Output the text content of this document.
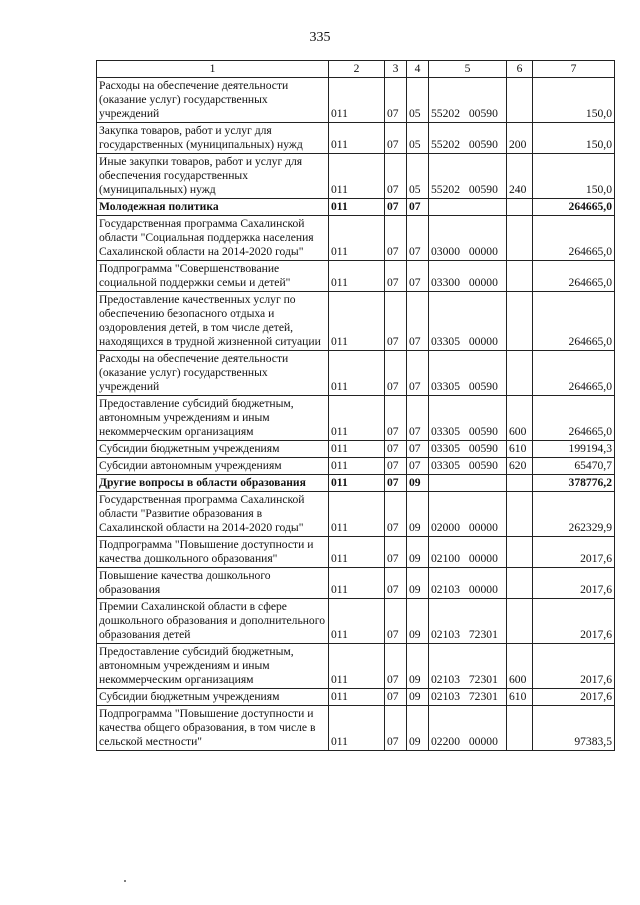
335
1	2	3	4	5	6	7
Расходы на обеспечение деятельности (оказание услуг) государственных учреждений	011	07	05	55202 00590		150,0
Закупка товаров, работ и услуг для государственных (муниципальных) нужд	011	07	05	55202 00590	200	150,0
Иные закупки товаров, работ и услуг для обеспечения государственных (муниципальных) нужд	011	07	05	55202 00590	240	150,0
Молодежная политика	011	07	07			264665,0
Государственная программа Сахалинской области "Социальная поддержка населения Сахалинской области на 2014-2020 годы"	011	07	07	03000 00000		264665,0
Подпрограмма "Совершенствование социальной поддержки семьи и детей"	011	07	07	03300 00000		264665,0
Предоставление качественных услуг по обеспечению безопасного отдыха и оздоровления детей, в том числе детей, находящихся в трудной жизненной ситуации	011	07	07	03305 00000		264665,0
Расходы на обеспечение деятельности (оказание услуг) государственных учреждений	011	07	07	03305 00590		264665,0
Предоставление субсидий бюджетным, автономным учреждениям и иным некоммерческим организациям	011	07	07	03305 00590	600	264665,0
Субсидии бюджетным учреждениям	011	07	07	03305 00590	610	199194,3
Субсидии автономным учреждениям	011	07	07	03305 00590	620	65470,7
Другие вопросы в области образования	011	07	09			378776,2
Государственная программа Сахалинской области "Развитие образования в Сахалинской области на 2014-2020 годы"	011	07	09	02000 00000		262329,9
Подпрограмма "Повышение доступности и качества дошкольного образования"	011	07	09	02100 00000		2017,6
Повышение качества дошкольного образования	011	07	09	02103 00000		2017,6
Премии Сахалинской области в сфере дошкольного образования и дополнительного образования детей	011	07	09	02103 72301		2017,6
Предоставление субсидий бюджетным, автономным учреждениям и иным некоммерческим организациям	011	07	09	02103 72301	600	2017,6
Субсидии бюджетным учреждениям	011	07	09	02103 72301	610	2017,6
Подпрограмма "Повышение доступности и качества общего образования, в том числе в сельской местности"	011	07	09	02200 00000		97383,5
